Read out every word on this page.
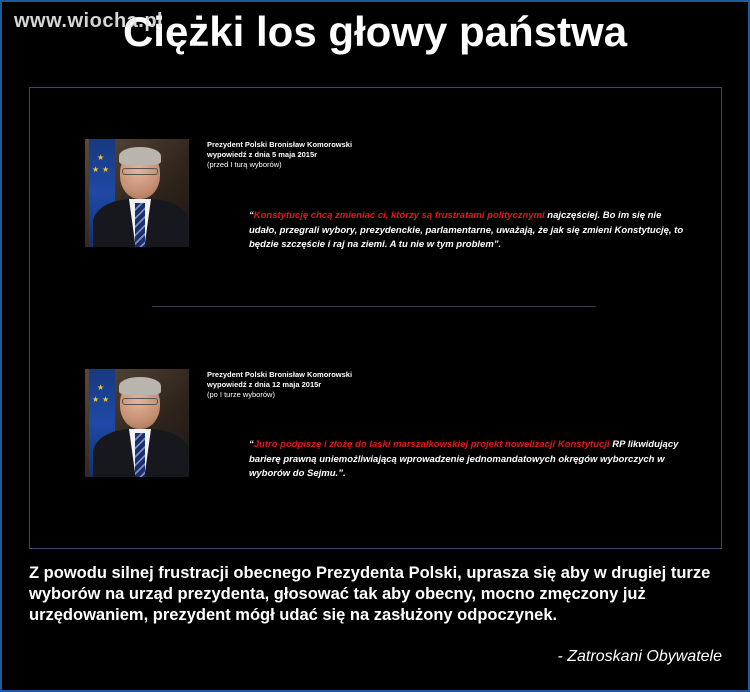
Ciężki los głowy państwa
www.wiocha.pl
★
★ ★
Prezydent Polski Bronisław Komorowski
wypowiedź z dnia 5 maja 2015r
(przed I turą wyborów)
“Konstytucję chcą zmieniać ci, którzy są frustratami politycznymi najczęściej. Bo im się nie udało, przegrali wybory, prezydenckie, parlamentarne, uważają, że jak się zmieni Konstytucję, to będzie szczęście i raj na ziemi. A tu nie w tym problem”.
★
★ ★
Prezydent Polski Bronisław Komorowski
wypowiedź z dnia 12 maja 2015r
(po I turze wyborów)
“Jutro podpiszę i złożę do laski marszałkowskiej projekt nowelizacji Konstytucji RP likwidujący barierę prawną uniemożliwiającą wprowadzenie jednomandatowych okręgów wyborczych w wyborów do Sejmu.”.
Z powodu silnej frustracji obecnego Prezydenta Polski, uprasza się aby w drugiej turze wyborów na urząd prezydenta, głosować tak aby obecny, mocno zmęczony już urzędowaniem, prezydent mógł udać się na zasłużony odpoczynek.
- Zatroskani Obywatele
